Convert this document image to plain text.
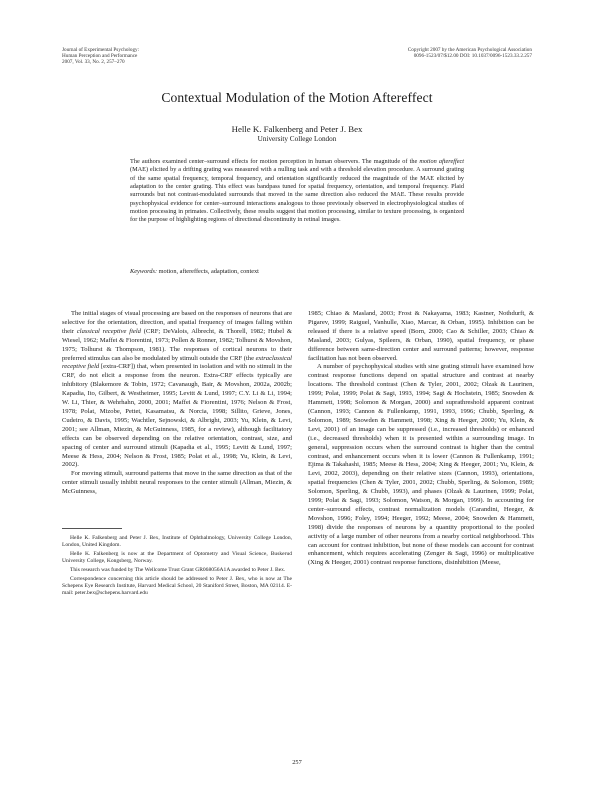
Journal of Experimental Psychology:
Human Perception and Performance
2007, Vol. 33, No. 2, 257–270
Copyright 2007 by the American Psychological Association
0096-1523/07/$12.00 DOI: 10.1037/0096-1523.33.2.257
Contextual Modulation of the Motion Aftereffect
Helle K. Falkenberg and Peter J. Bex
University College London
The authors examined center–surround effects for motion perception in human observers. The magnitude of the motion aftereffect (MAE) elicited by a drifting grating was measured with a nulling task and with a threshold elevation procedure. A surround grating of the same spatial frequency, temporal frequency, and orientation significantly reduced the magnitude of the MAE elicited by adaptation to the center grating. This effect was bandpass tuned for spatial frequency, orientation, and temporal frequency. Plaid surrounds but not contrast-modulated surrounds that moved in the same direction also reduced the MAE. These results provide psychophysical evidence for center–surround interactions analogous to those previously observed in electrophysiological studies of motion processing in primates. Collectively, these results suggest that motion processing, similar to texture processing, is organized for the purpose of highlighting regions of directional discontinuity in retinal images.
Keywords: motion, aftereffects, adaptation, context

The initial stages of visual processing are based on the responses of neurons that are selective for the orientation, direction, and spatial frequency of images falling within their classical receptive field (CRF; DeValois, Albrecht, & Thorell, 1982; Hubel & Wiesel, 1962; Maffei & Fiorentini, 1973; Pollen & Ronner, 1982; Tolhurst & Movshon, 1975; Tolhurst & Thompson, 1981). The responses of cortical neurons to their preferred stimulus can also be modulated by stimuli outside the CRF (the extraclassical receptive field [extra-CRF]) that, when presented in isolation and with no stimuli in the CRF, do not elicit a response from the neuron. Extra-CRF effects typically are inhibitory (Blakemore & Tobin, 1972; Cavanaugh, Bair, & Movshon, 2002a, 2002b; Kapadia, Ito, Gilbert, & Westheimer, 1995; Levitt & Lund, 1997; C.Y. Li & Li, 1994; W. Li, Thier, & Wehrhahn, 2000, 2001; Maffei & Fiorentini, 1976; Nelson & Frost, 1978; Polat, Mizobe, Pettet, Kasamatsu, & Norcia, 1998; Sillito, Grieve, Jones, Cudeiro, & Davis, 1995; Wachtler, Sejnowski, & Albright, 2003; Yu, Klein, & Levi, 2001; see Allman, Miezin, & McGuinness, 1985, for a review), although facilitatory effects can be observed depending on the relative orientation, contrast, size, and spacing of center and surround stimuli (Kapadia et al., 1995; Levitt & Lund, 1997; Meese & Hess, 2004; Nelson & Frost, 1985; Polat et al., 1998; Yu, Klein, & Levi, 2002).

For moving stimuli, surround patterns that move in the same direction as that of the center stimuli usually inhibit neural responses to the center stimuli (Allman, Miezin, & McGuinness,

Helle K. Falkenberg and Peter J. Bex, Institute of Ophthalmology, University College London, London, United Kingdom.

Helle K. Falkenberg is now at the Department of Optometry and Visual Science, Buskerud University College, Kongsberg, Norway.

This research was funded by The Wellcome Trust Grant GR068056A1A awarded to Peter J. Bex.

Correspondence concerning this article should be addressed to Peter J. Bex, who is now at The Schepens Eye Research Institute, Harvard Medical School, 20 Staniford Street, Boston, MA 02114. E-mail: peter.bex@schepens.harvard.edu

1985; Chiao & Masland, 2003; Frost & Nakayama, 1983; Kastner, Nothdurft, & Pigarev, 1999; Raiguel, Vanhulle, Xiao, Marcar, & Orban, 1995). Inhibition can be released if there is a relative speed (Born, 2000; Cao & Schiller, 2003; Chiao & Masland, 2003; Gulyas, Spileers, & Orban, 1990), spatial frequency, or phase difference between same-direction center and surround patterns; however, response facilitation has not been observed.

A number of psychophysical studies with sine grating stimuli have examined how contrast response functions depend on spatial structure and contrast at nearby locations. The threshold contrast (Chen & Tyler, 2001, 2002; Olzak & Laurinen, 1999; Polat, 1999; Polat & Sagi, 1993, 1994; Sagi & Hochstein, 1985; Snowden & Hammett, 1998; Solomon & Morgan, 2000) and suprathreshold apparent contrast (Cannon, 1993; Cannon & Fullenkamp, 1991, 1993, 1996; Chubb, Sperling, & Solomon, 1989; Snowden & Hammett, 1998; Xing & Heeger, 2000; Yu, Klein, & Levi, 2001) of an image can be suppressed (i.e., increased thresholds) or enhanced (i.e., decreased thresholds) when it is presented within a surrounding image. In general, suppression occurs when the surround contrast is higher than the central contrast, and enhancement occurs when it is lower (Cannon & Fullenkamp, 1991; Ejima & Takahashi, 1985; Meese & Hess, 2004; Xing & Heeger, 2001; Yu, Klein, & Levi, 2002, 2003), depending on their relative sizes (Cannon, 1993), orientations, spatial frequencies (Chen & Tyler, 2001, 2002; Chubb, Sperling, & Solomon, 1989; Solomon, Sperling, & Chubb, 1993), and phases (Olzak & Laurinen, 1999; Polat, 1999; Polat & Sagi, 1993; Solomon, Watson, & Morgan, 1999). In accounting for center–surround effects, contrast normalization models (Carandini, Heeger, & Movshon, 1996; Foley, 1994; Heeger, 1992; Meese, 2004; Snowden & Hammett, 1998) divide the responses of neurons by a quantity proportional to the pooled activity of a large number of other neurons from a nearby cortical neighborhood. This can account for contrast inhibition, but none of these models can account for contrast enhancement, which requires accelerating (Zenger & Sagi, 1996) or multiplicative (Xing & Heeger, 2001) contrast response functions, disinhibition (Meese,

257
